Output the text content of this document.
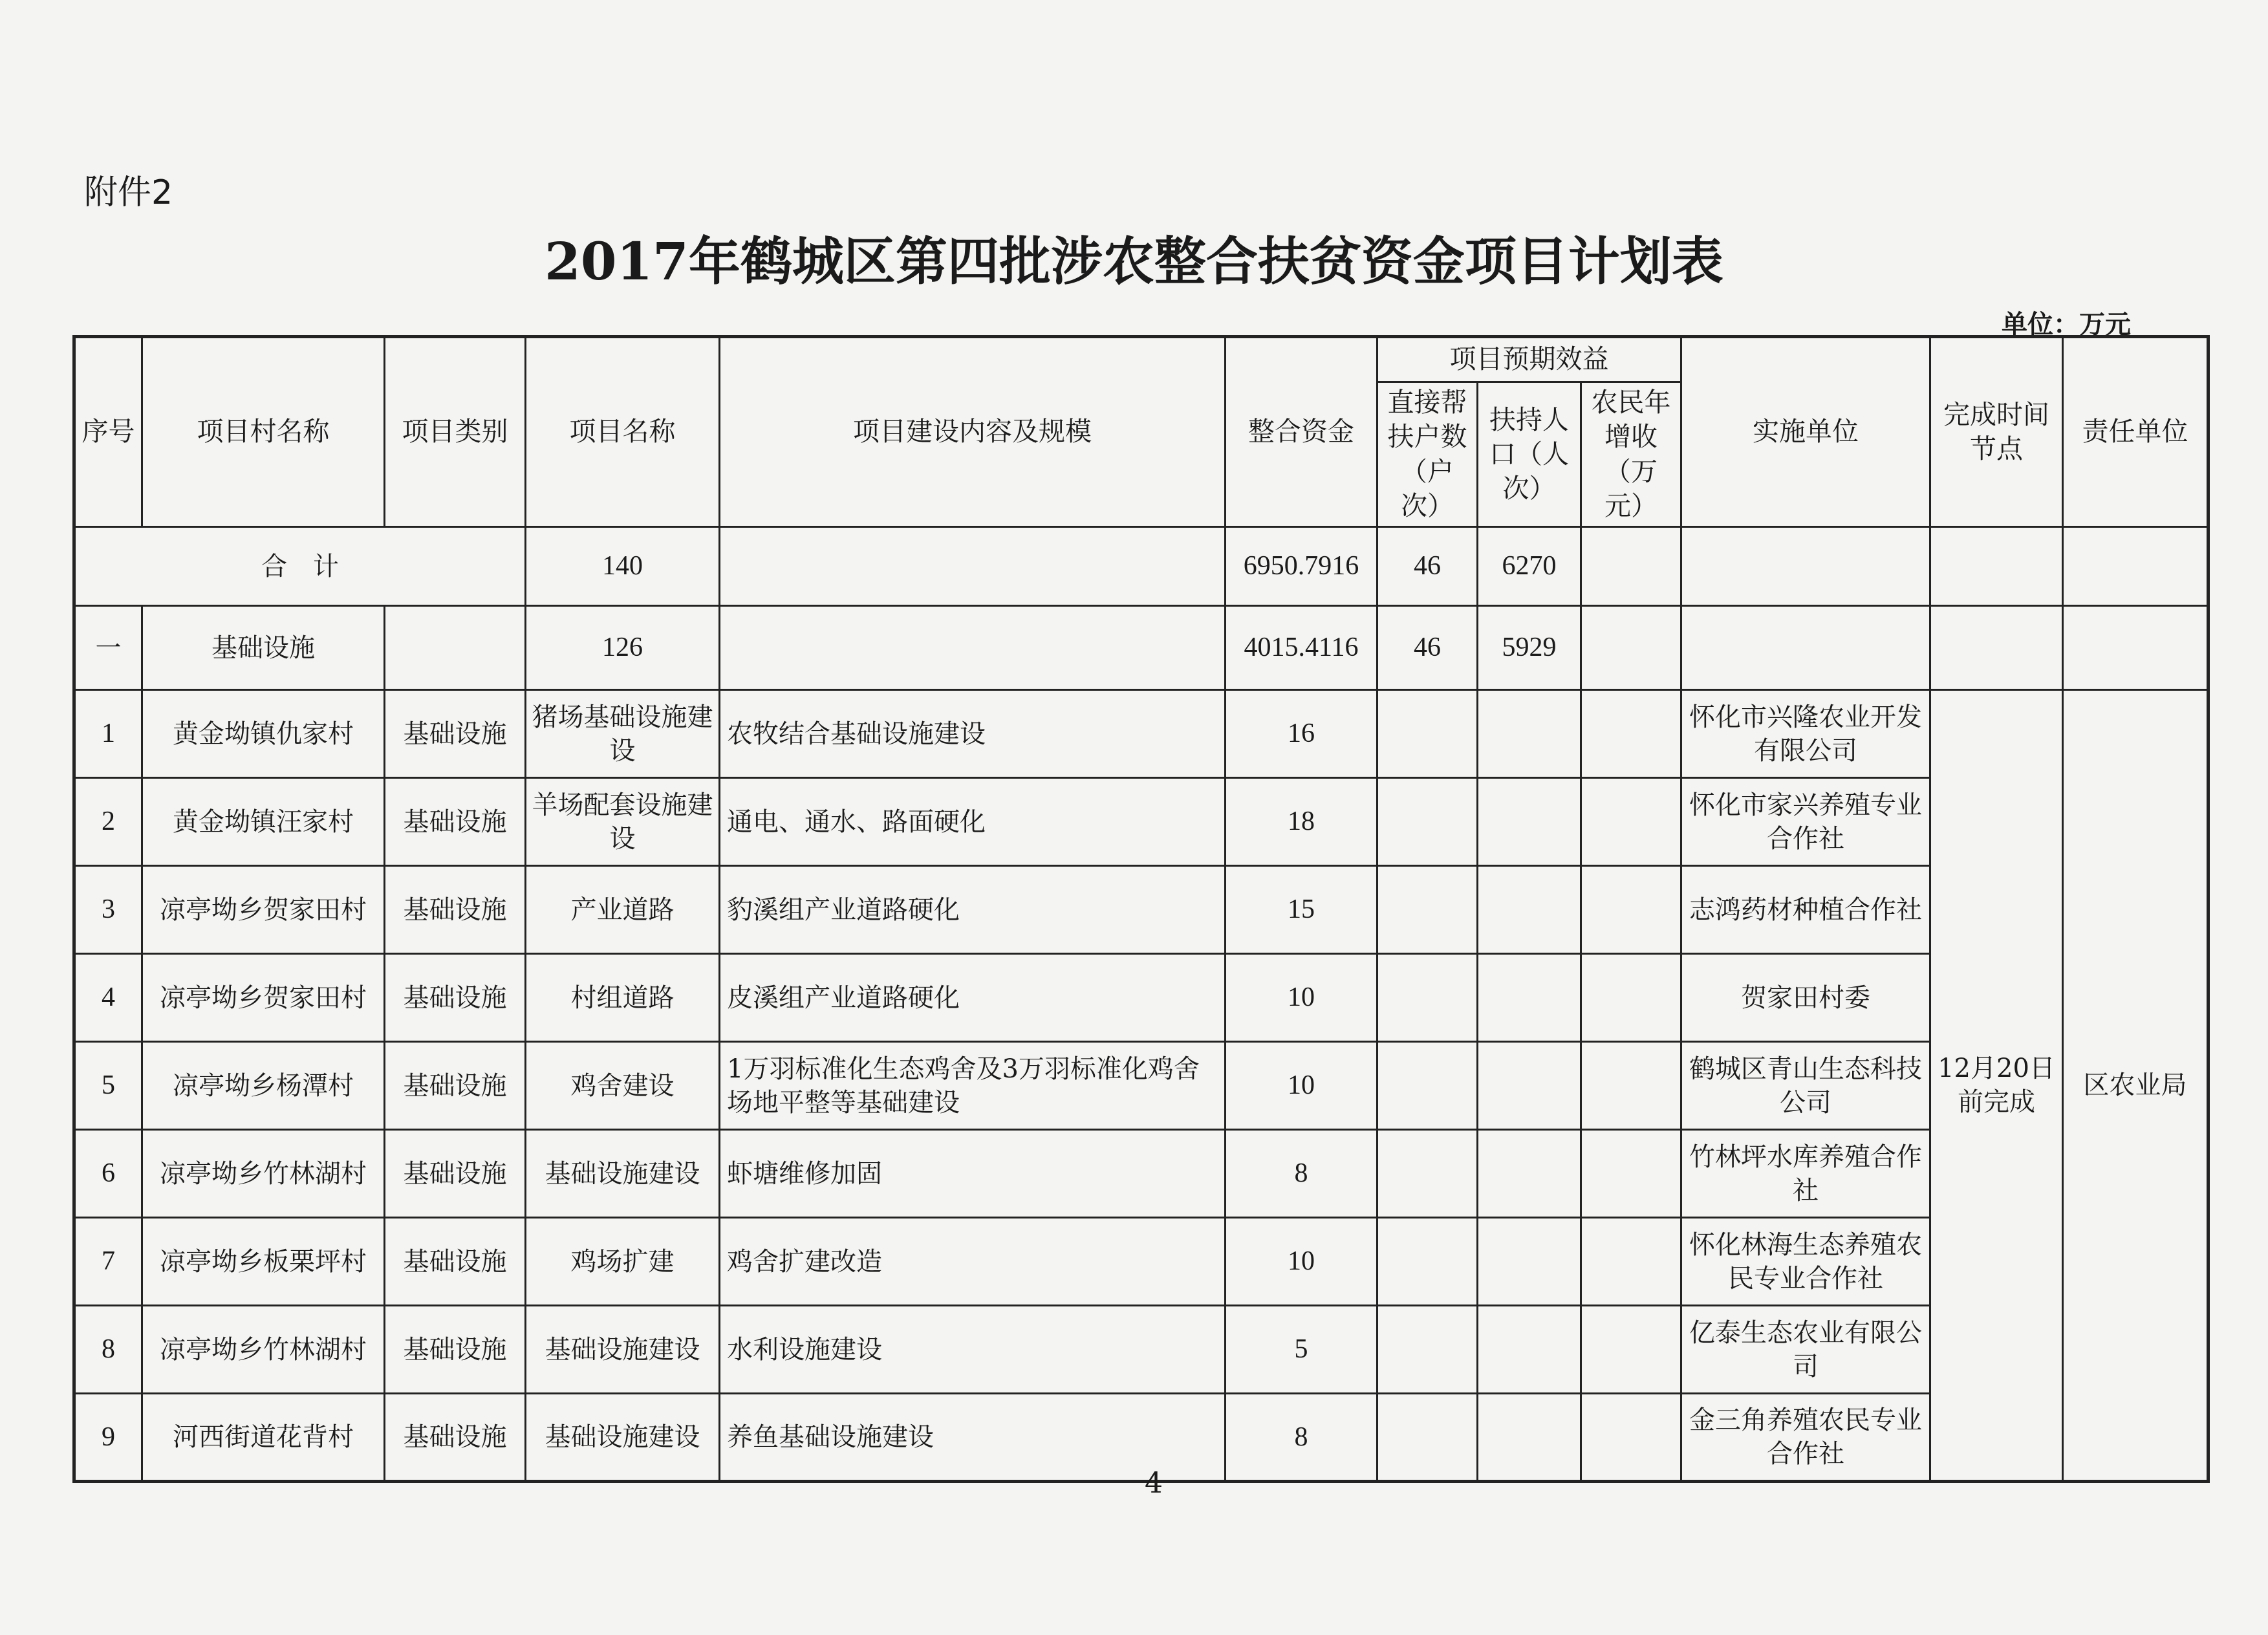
附件2
2017年鹤城区第四批涉农整合扶贫资金项目计划表
单位：万元
序号	项目村名称	项目类别	项目名称	项目建设内容及规模	整合资金	项目预期效益			实施单位	完成时间节点	责任单位
						直接帮扶户数（户次）	扶持人口（人次）	农民年增收（万元）			
合　计			140		6950.7916	46	6270				
一	基础设施		126		4015.4116	46	5929				
1	黄金坳镇仇家村	基础设施	猪场基础设施建设	农牧结合基础设施建设	16				怀化市兴隆农业开发有限公司	12月20日前完成	区农业局
2	黄金坳镇汪家村	基础设施	羊场配套设施建设	通电、通水、路面硬化	18				怀化市家兴养殖专业合作社		
3	凉亭坳乡贺家田村	基础设施	产业道路	豹溪组产业道路硬化	15				志鸿药材种植合作社		
4	凉亭坳乡贺家田村	基础设施	村组道路	皮溪组产业道路硬化	10				贺家田村委		
5	凉亭坳乡杨潭村	基础设施	鸡舍建设	1万羽标准化生态鸡舍及3万羽标准化鸡舍场地平整等基础建设	10				鹤城区青山生态科技公司		
6	凉亭坳乡竹林湖村	基础设施	基础设施建设	虾塘维修加固	8				竹林坪水库养殖合作社		
7	凉亭坳乡板栗坪村	基础设施	鸡场扩建	鸡舍扩建改造	10				怀化林海生态养殖农民专业合作社		
8	凉亭坳乡竹林湖村	基础设施	基础设施建设	水利设施建设	5				亿泰生态农业有限公司		
9	河西街道花背村	基础设施	基础设施建设	养鱼基础设施建设	8				金三角养殖农民专业合作社		
4
